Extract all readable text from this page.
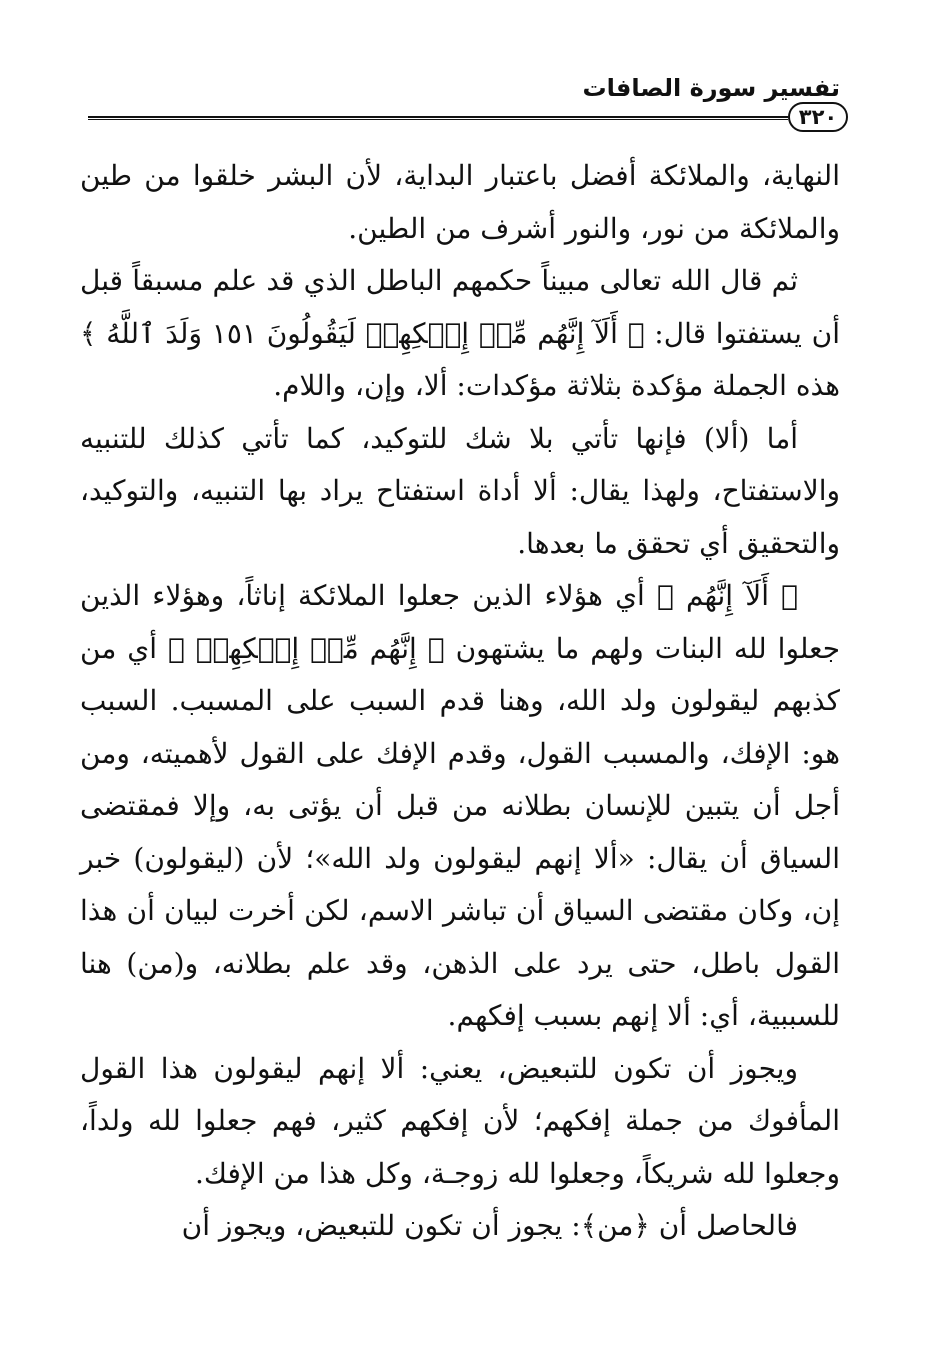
تفسير سورة الصافات
٣٢٠

النهاية، والملائكة أفضل باعتبار البداية، لأن البشر خلقوا من طين والملائكة من نور، والنور أشرف من الطين.

ثم قال الله تعالى مبيناً حكمهم الباطل الذي قد علم مسبقاً قبل أن يستفتوا قال: ﴿ أَلَآ إِنَّهُم مِّنۡ إِفۡكِهِمۡ لَيَقُولُونَ ١٥١ وَلَدَ ٱللَّهُ ﴾ هذه الجملة مؤكدة بثلاثة مؤكدات: ألا، وإن، واللام.

أما (ألا) فإنها تأتي بلا شك للتوكيد، كما تأتي كذلك للتنبيه والاستفتاح، ولهذا يقال: ألا أداة استفتاح يراد بها التنبيه، والتوكيد، والتحقيق أي تحقق ما بعدها.

﴿ أَلَآ إِنَّهُم ﴾ أي هؤلاء الذين جعلوا الملائكة إناثاً، وهؤلاء الذين جعلوا لله البنات ولهم ما يشتهون ﴿ إِنَّهُم مِّنۡ إِفۡكِهِمۡ ﴾ أي من كذبهم ليقولون ولد الله، وهنا قدم السبب على المسبب. السبب هو: الإفك، والمسبب القول، وقدم الإفك على القول لأهميته، ومن أجل أن يتبين للإنسان بطلانه من قبل أن يؤتى به، وإلا فمقتضى السياق أن يقال: «ألا إنهم ليقولون ولد الله»؛ لأن (ليقولون) خبر إن، وكان مقتضى السياق أن تباشر الاسم، لكن أخرت لبيان أن هذا القول باطل، حتى يرد على الذهن، وقد علم بطلانه، و(من) هنا للسببية، أي: ألا إنهم بسبب إفكهم.

ويجوز أن تكون للتبعيض، يعني: ألا إنهم ليقولون هذا القول المأفوك من جملة إفكهم؛ لأن إفكهم كثير، فهم جعلوا لله ولداً، وجعلوا لله شريكاً، وجعلوا لله زوجـة، وكل هذا من الإفك.

فالحاصل أن ﴿من﴾: يجوز أن تكون للتبعيض، ويجوز أن
